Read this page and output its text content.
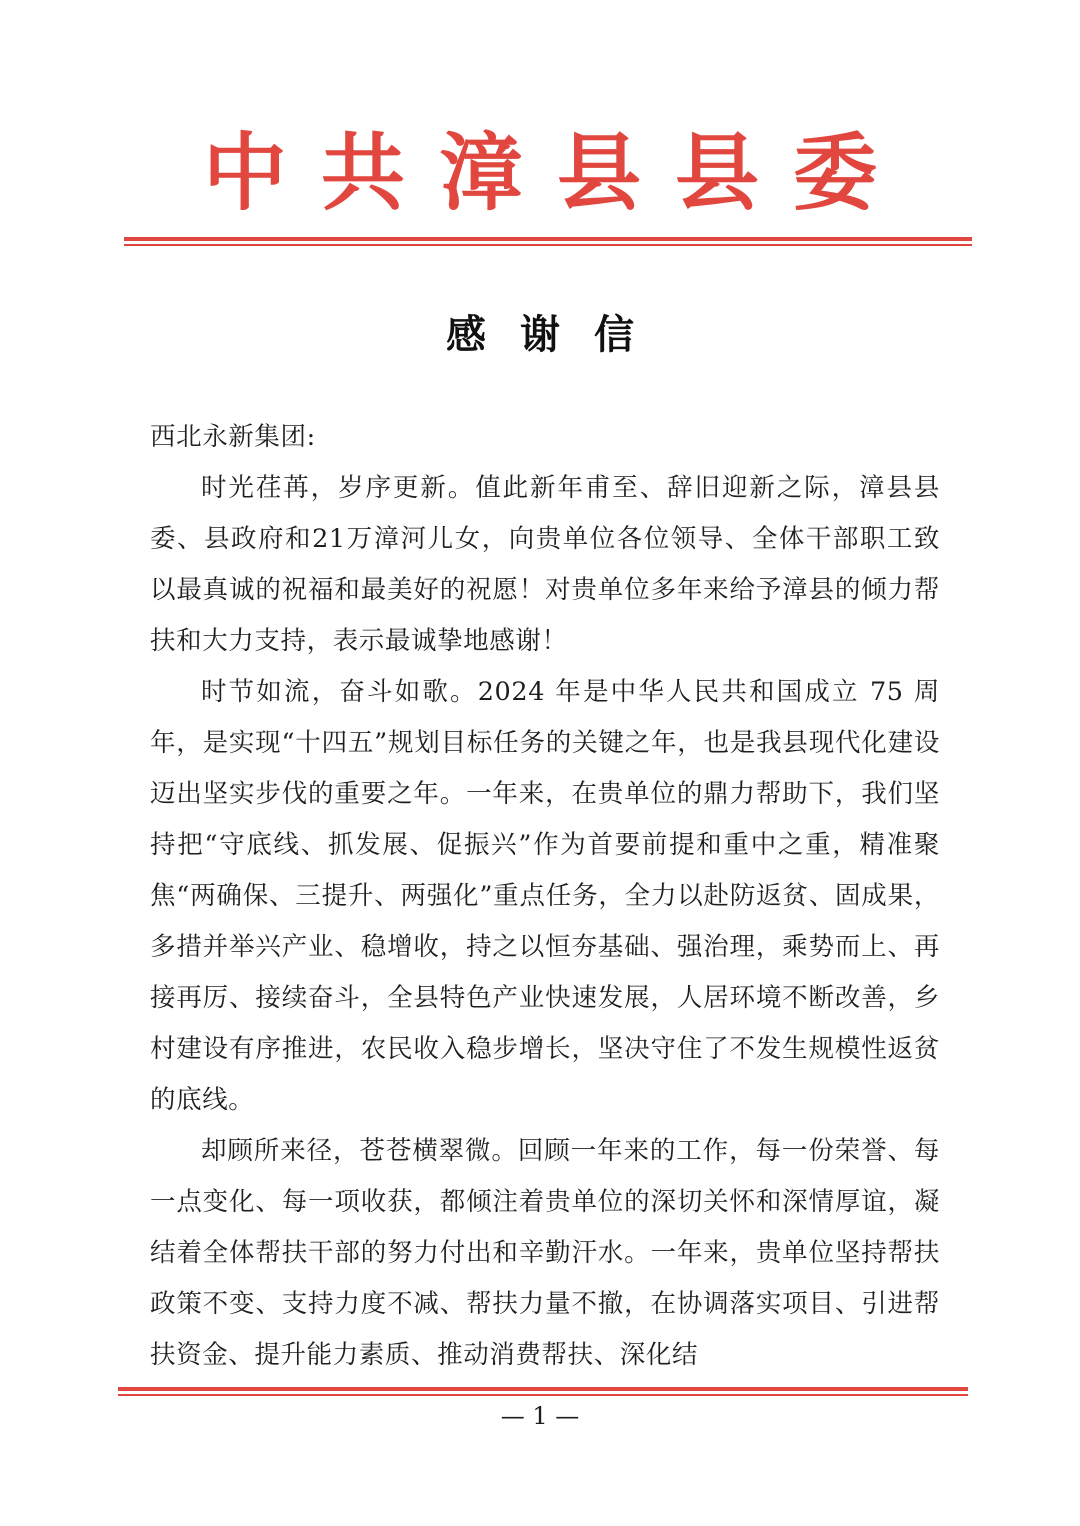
中共漳县县委
感谢信

西北永新集团:

时光荏苒，岁序更新。值此新年甫至、辞旧迎新之际，漳县县委、县政府和21万漳河儿女，向贵单位各位领导、全体干部职工致以最真诚的祝福和最美好的祝愿！对贵单位多年来给予漳县的倾力帮扶和大力支持，表示最诚挚地感谢！

时节如流，奋斗如歌。2024 年是中华人民共和国成立 75 周年，是实现“十四五”规划目标任务的关键之年，也是我县现代化建设迈出坚实步伐的重要之年。一年来，在贵单位的鼎力帮助下，我们坚持把“守底线、抓发展、促振兴”作为首要前提和重中之重，精准聚焦“两确保、三提升、两强化”重点任务，全力以赴防返贫、固成果，多措并举兴产业、稳增收，持之以恒夯基础、强治理，乘势而上、再接再厉、接续奋斗，全县特色产业快速发展，人居环境不断改善，乡村建设有序推进，农民收入稳步增长，坚决守住了不发生规模性返贫的底线。

却顾所来径，苍苍横翠微。回顾一年来的工作，每一份荣誉、每一点变化、每一项收获，都倾注着贵单位的深切关怀和深情厚谊，凝结着全体帮扶干部的努力付出和辛勤汗水。一年来，贵单位坚持帮扶政策不变、支持力度不减、帮扶力量不撤，在协调落实项目、引进帮扶资金、提升能力素质、推动消费帮扶、深化结

— 1 —
